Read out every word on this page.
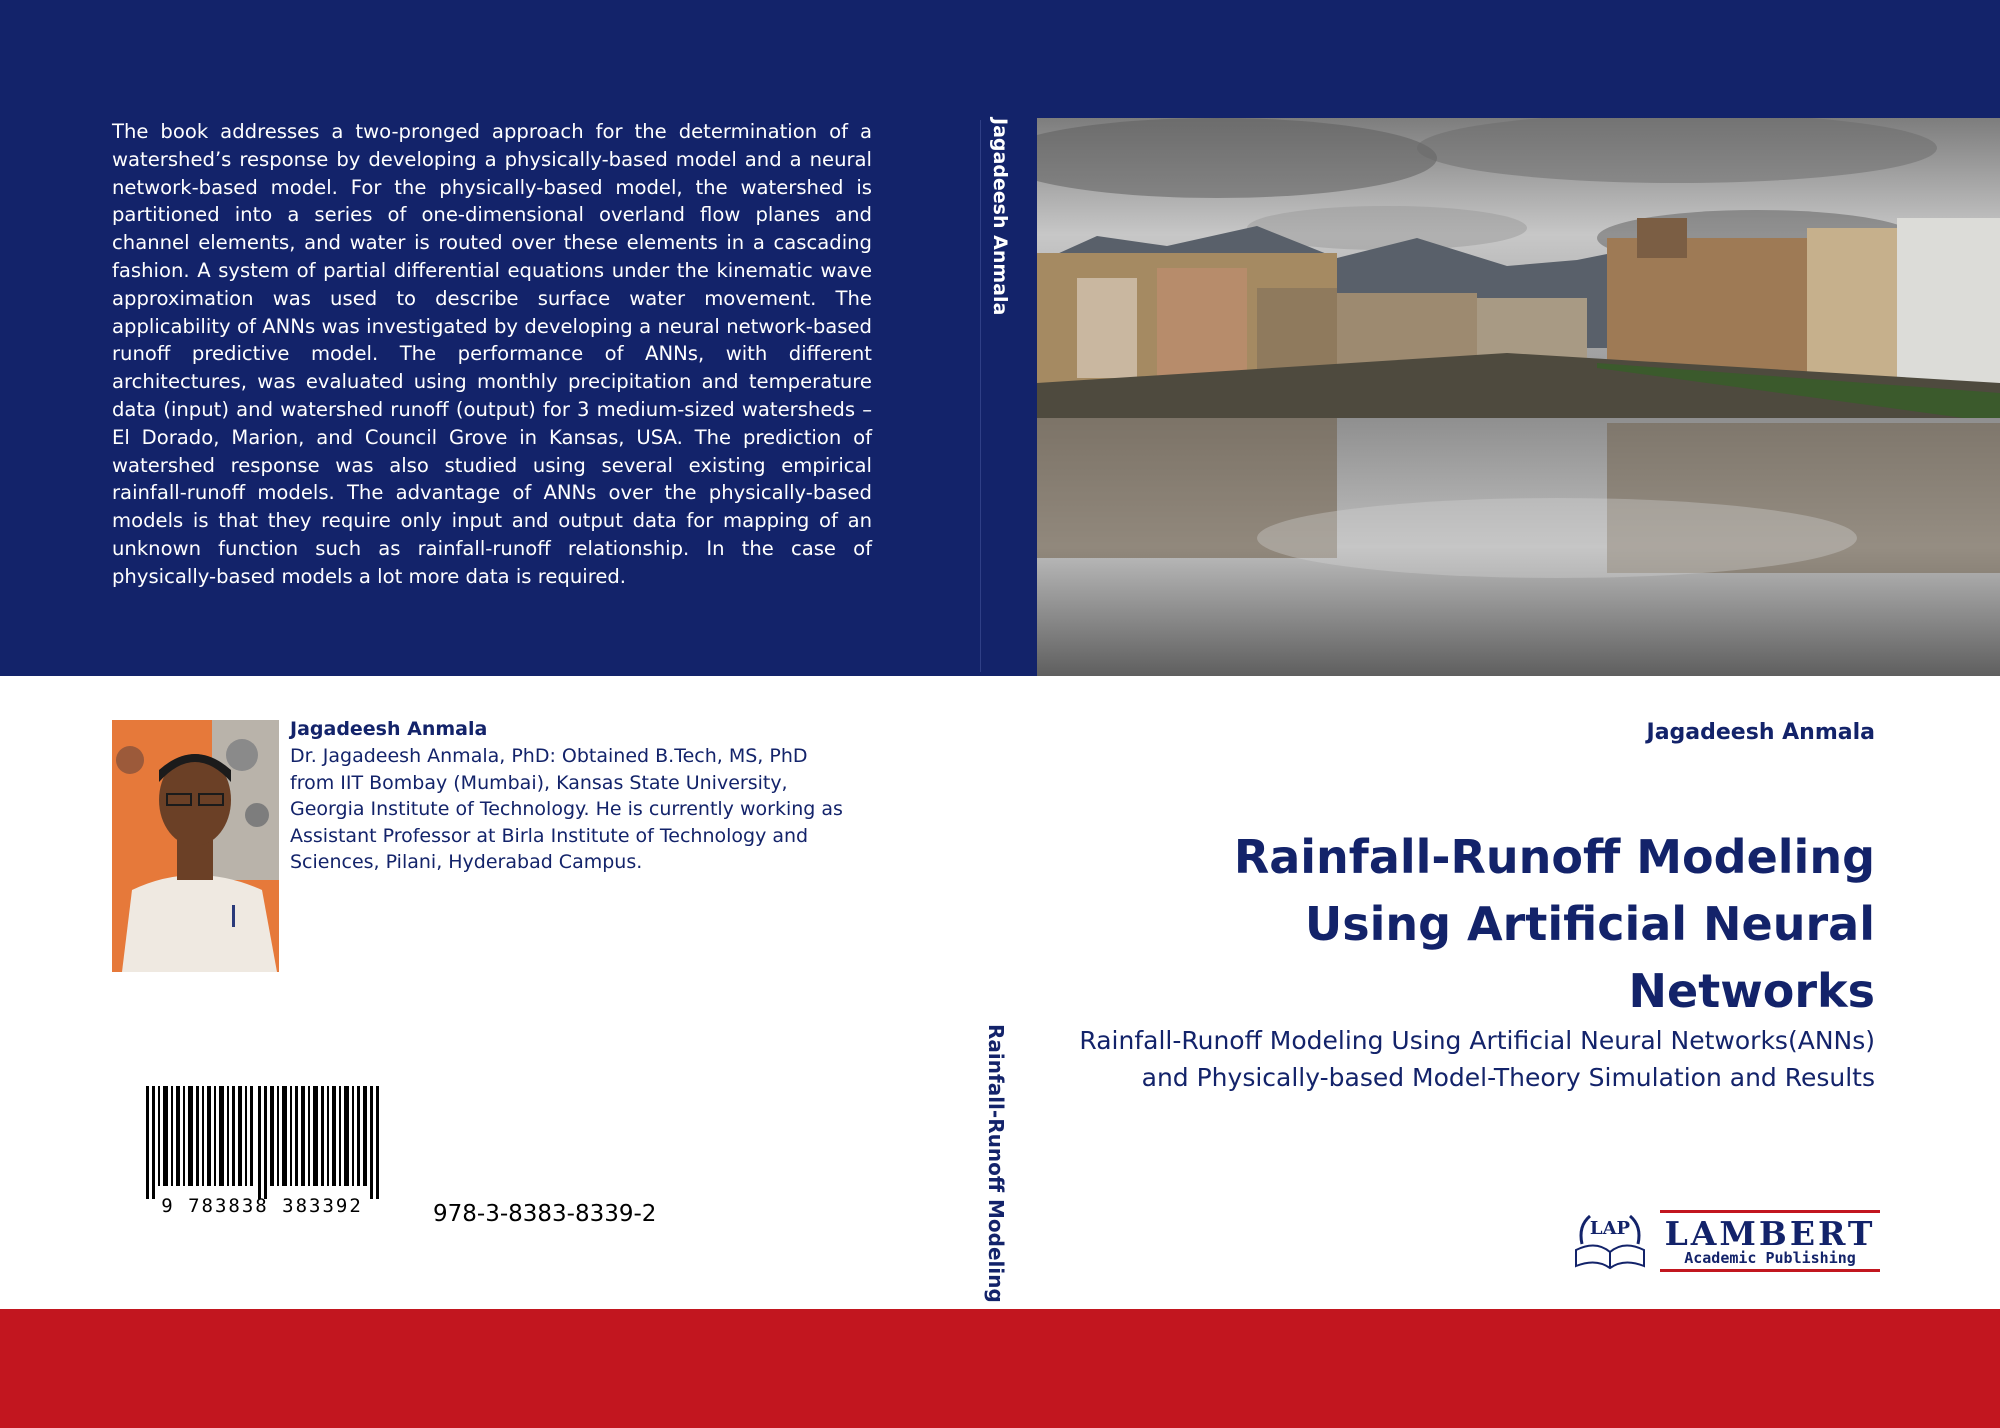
The book addresses a two-pronged approach for the determination of a watershed’s response by developing a physically-based model and a neural network-based model. For the physically-based model, the watershed is partitioned into a series of one-dimensional overland flow planes and channel elements, and water is routed over these elements in a cascading fashion. A system of partial differential equations under the kinematic wave approximation was used to describe surface water movement. The applicability of ANNs was investigated by developing a neural network-based runoff predictive model. The performance of ANNs, with different architectures, was evaluated using monthly precipitation and temperature data (input) and watershed runoff (output) for 3 medium-sized watersheds – El Dorado, Marion, and Council Grove in Kansas, USA. The prediction of watershed response was also studied using several existing empirical rainfall-runoff models. The advantage of ANNs over the physically-based models is that they require only input and output data for mapping of an unknown function such as rainfall-runoff relationship. In the case of physically-based models a lot more data is required.

Jagadeesh Anmala
Jagadeesh Anmala

Dr. Jagadeesh Anmala, PhD: Obtained B.Tech, MS, PhD from IIT Bombay (Mumbai), Kansas State University, Georgia Institute of Technology. He is currently working as Assistant Professor at Birla Institute of Technology and Sciences, Pilani, Hyderabad Campus.

9 783838 383392	978-3-8383-8339-2	Rainfall-Runoff Modeling
Jagadeesh Anmala
Rainfall-Runoff Modeling Using Artificial Neural Networks

Rainfall-Runoff Modeling Using Artificial Neural Networks(ANNs) and Physically-based Model-Theory Simulation and Results

LAP LAMBERT
Academic Publishing
